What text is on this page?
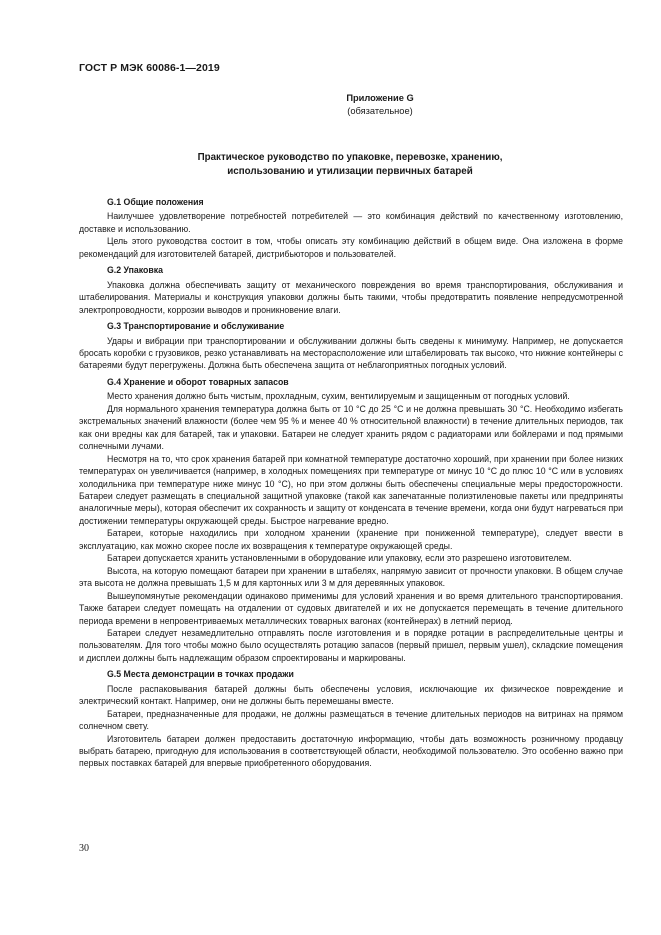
ГОСТ Р МЭК 60086-1—2019
Приложение G
(обязательное)
Практическое руководство по упаковке, перевозке, хранению,
использованию и утилизации первичных батарей
G.1 Общие положения

Наилучшее удовлетворение потребностей потребителей — это комбинация действий по качественному изготовлению, доставке и использованию.

Цель этого руководства состоит в том, чтобы описать эту комбинацию действий в общем виде. Она изложена в форме рекомендаций для изготовителей батарей, дистрибьюторов и пользователей.

G.2 Упаковка

Упаковка должна обеспечивать защиту от механического повреждения во время транспортирования, обслуживания и штабелирования. Материалы и конструкция упаковки должны быть такими, чтобы предотвратить появление непредусмотренной электропроводности, коррозии выводов и проникновение влаги.

G.3 Транспортирование и обслуживание

Удары и вибрации при транспортировании и обслуживании должны быть сведены к минимуму. Например, не допускается бросать коробки с грузовиков, резко устанавливать на месторасположение или штабелировать так высоко, что нижние контейнеры с батареями будут перегружены. Должна быть обеспечена защита от неблагоприятных погодных условий.

G.4 Хранение и оборот товарных запасов

Место хранения должно быть чистым, прохладным, сухим, вентилируемым и защищенным от погодных условий.

Для нормального хранения температура должна быть от 10 °C до 25 °C и не должна превышать 30 °C. Необходимо избегать экстремальных значений влажности (более чем 95 % и менее 40 % относительной влажности) в течение длительных периодов, так как они вредны как для батарей, так и упаковки. Батареи не следует хранить рядом с радиаторами или бойлерами и под прямыми солнечными лучами.

Несмотря на то, что срок хранения батарей при комнатной температуре достаточно хороший, при хранении при более низких температурах он увеличивается (например, в холодных помещениях при температуре от минус 10 °C до плюс 10 °C или в условиях холодильника при температуре ниже минус 10 °C), но при этом должны быть обеспечены специальные меры предосторожности. Батареи следует размещать в специальной защитной упаковке (такой как запечатанные полиэтиленовые пакеты или предприняты аналогичные меры), которая обеспечит их сохранность и защиту от конденсата в течение времени, когда они будут нагреваться при достижении температуры окружающей среды. Быстрое нагревание вредно.

Батареи, которые находились при холодном хранении (хранение при пониженной температуре), следует ввести в эксплуатацию, как можно скорее после их возвращения к температуре окружающей среды.

Батареи допускается хранить установленными в оборудование или упаковку, если это разрешено изготовителем.

Высота, на которую помещают батареи при хранении в штабелях, напрямую зависит от прочности упаковки. В общем случае эта высота не должна превышать 1,5 м для картонных или 3 м для деревянных упаковок.

Вышеупомянутые рекомендации одинаково применимы для условий хранения и во время длительного транспортирования. Также батареи следует помещать на отдалении от судовых двигателей и их не допускается перемещать в течение длительного периода времени в непровентриваемых металлических товарных вагонах (контейнерах) в летний период.

Батареи следует незамедлительно отправлять после изготовления и в порядке ротации в распределительные центры и пользователям. Для того чтобы можно было осуществлять ротацию запасов (первый пришел, первым ушел), складские помещения и дисплеи должны быть надлежащим образом спроектированы и маркированы.

G.5 Места демонстрации в точках продажи

После распаковывания батарей должны быть обеспечены условия, исключающие их физическое повреждение и электрический контакт. Например, они не должны быть перемешаны вместе.

Батареи, предназначенные для продажи, не должны размещаться в течение длительных периодов на витринах на прямом солнечном свету.

Изготовитель батареи должен предоставить достаточную информацию, чтобы дать возможность розничному продавцу выбрать батарею, пригодную для использования в соответствующей области, необходимой пользователю. Это особенно важно при первых поставках батарей для впервые приобретенного оборудования.

30
